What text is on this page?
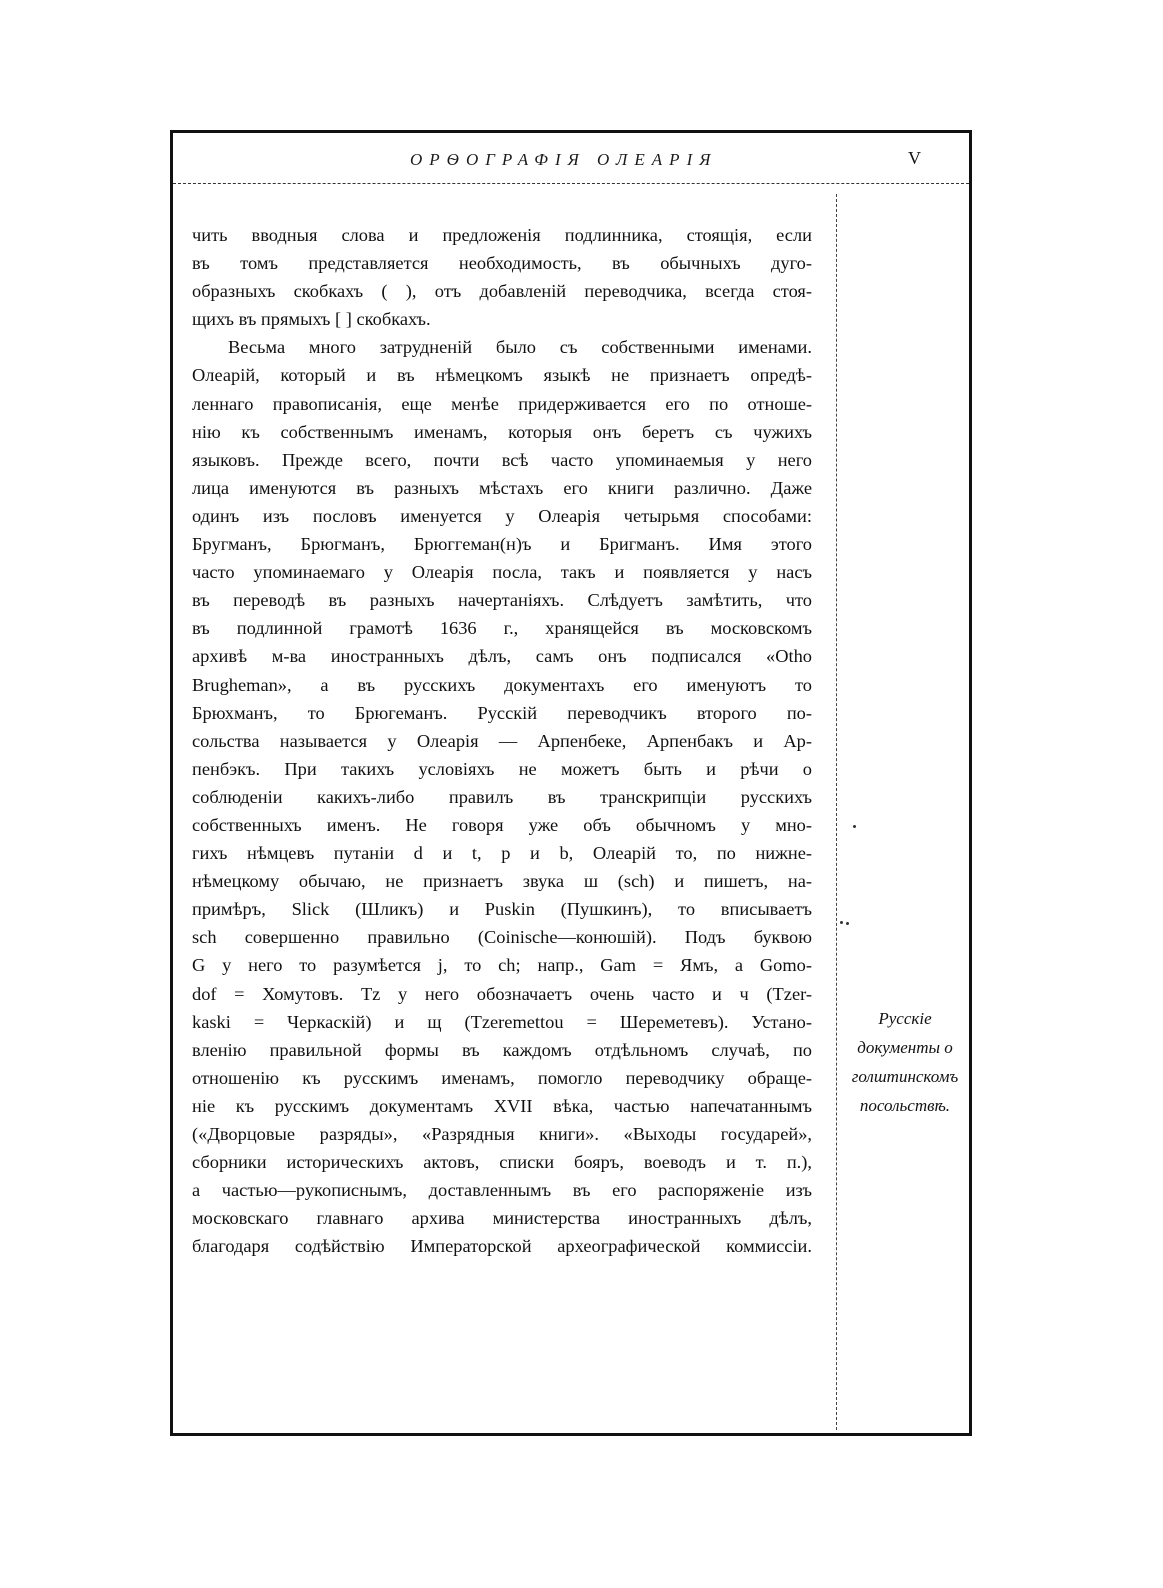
ОРѲОГРАФІЯ ОЛЕАРІЯ	V
чить вводныя слова и предложенія подлинника, стоящія, если
въ томъ представляется необходимость, въ обычныхъ дуго-
образныхъ скобкахъ ( ), отъ добавленій переводчика, всегда стоя-
щихъ въ прямыхъ [ ] скобкахъ.
Весьма много затрудненій было съ собственными именами.
Олеарій, который и въ нѣмецкомъ языкѣ не признаетъ опредѣ-
леннаго правописанія, еще менѣе придерживается его по отноше-
нію къ собственнымъ именамъ, которыя онъ беретъ съ чужихъ
языковъ. Прежде всего, почти всѣ часто упоминаемыя у него
лица именуются въ разныхъ мѣстахъ его книги различно. Даже
одинъ изъ пословъ именуется у Олеарія четырьмя способами:
Бругманъ, Брюгманъ, Брюггеман(н)ъ и Бригманъ. Имя этого
часто упоминаемаго у Олеарія посла, такъ и появляется у насъ
въ переводѣ въ разныхъ начертаніяхъ. Слѣдуетъ замѣтить, что
въ подлинной грамотѣ 1636 г., хранящейся въ московскомъ
архивѣ м-ва иностранныхъ дѣлъ, самъ онъ подписался «Otho
Brugheman», а въ русскихъ документахъ его именуютъ то
Брюхманъ, то Брюгеманъ. Русскій переводчикъ второго по-
сольства называется у Олеарія — Арпенбеке, Арпенбакъ и Ар-
пенбэкъ. При такихъ условіяхъ не можетъ быть и рѣчи о
соблюденіи какихъ-либо правилъ въ транскрипціи русскихъ
собственныхъ именъ. Не говоря уже объ обычномъ у мно-
гихъ нѣмцевъ путаніи d и t, p и b, Олеарій то, по нижне-
нѣмецкому обычаю, не признаетъ звука ш (sch) и пишетъ, на-
примѣръ, Slick (Шликъ) и Puskin (Пушкинъ), то вписываетъ
sch совершенно правильно (Coinische—конюшій). Подъ буквою
G у него то разумѣется j, то ch; напр., Gam = Ямъ, а Gomo-
dof = Хомутовъ. Tz у него обозначаетъ очень часто и ч (Tzer-
kaski = Черкаскій) и щ (Tzeremettou = Шереметевъ). Устано-
вленію правильной формы въ каждомъ отдѣльномъ случаѣ, по
отношенію къ русскимъ именамъ, помогло переводчику обраще-
ніе къ русскимъ документамъ XVII вѣка, частью напечатаннымъ
(«Дворцовые разряды», «Разрядныя книги». «Выходы государей»,
сборники историческихъ актовъ, списки бояръ, воеводъ и т. п.),
а частью—рукописнымъ, доставленнымъ въ его распоряженіе изъ
московскаго главнаго архива министерства иностранныхъ дѣлъ,
благодаря содѣйствію Императорской археографической коммиссіи.
Русскіе
документы о
голштинскомъ
посольствѣ.
